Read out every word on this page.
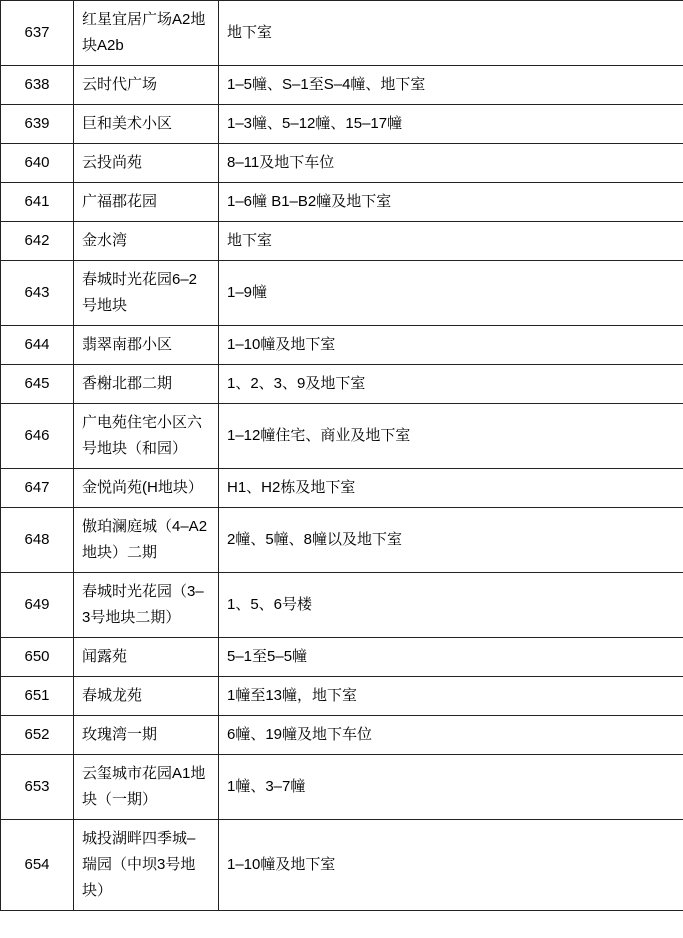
637	红星宜居广场A2地块A2b	地下室
638	云时代广场	1–5幢、S–1至S–4幢、地下室
639	巨和美术小区	1–3幢、5–12幢、15–17幢
640	云投尚苑	8–11及地下车位
641	广福郡花园	1–6幢 B1–B2幢及地下室
642	金水湾	地下室
643	春城时光花园6–2号地块	1–9幢
644	翡翠南郡小区	1–10幢及地下室
645	香榭北郡二期	1、2、3、9及地下室
646	广电苑住宅小区六号地块（和园）	1–12幢住宅、商业及地下室
647	金悦尚苑(H地块）	H1、H2栋及地下室
648	傲珀澜庭城（4–A2地块）二期	2幢、5幢、8幢以及地下室
649	春城时光花园（3–3号地块二期）	1、5、6号楼
650	闻露苑	5–1至5–5幢
651	春城龙苑	1幢至13幢，地下室
652	玫瑰湾一期	6幢、19幢及地下车位
653	云玺城市花园A1地块（一期）	1幢、3–7幢
654	城投湖畔四季城–瑞园（中坝3号地块）	1–10幢及地下室
